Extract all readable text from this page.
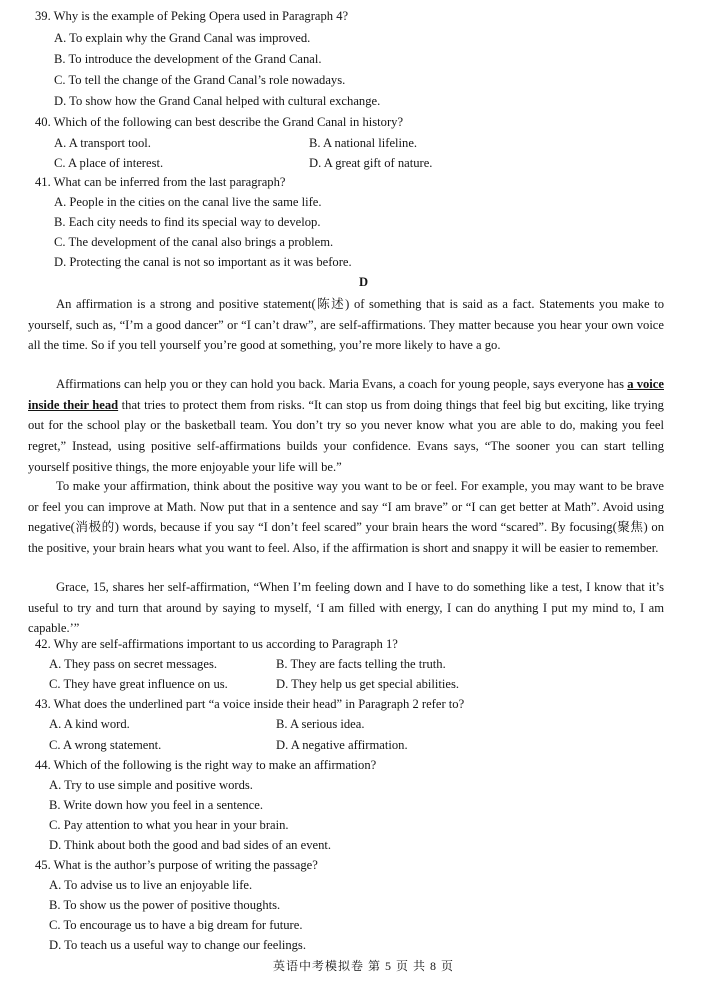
39. Why is the example of Peking Opera used in Paragraph 4?
A. To explain why the Grand Canal was improved.
B. To introduce the development of the Grand Canal.
C. To tell the change of the Grand Canal’s role nowadays.
D. To show how the Grand Canal helped with cultural exchange.
40. Which of the following can best describe the Grand Canal in history?
A. A transport tool.	B. A national lifeline.
C. A place of interest.	D. A great gift of nature.
41. What can be inferred from the last paragraph?
A. People in the cities on the canal live the same life.
B. Each city needs to find its special way to develop.
C. The development of the canal also brings a problem.
D. Protecting the canal is not so important as it was before.
D
An affirmation is a strong and positive statement(陈述) of something that is said as a fact. Statements you make to yourself, such as, “I’m a good dancer” or “I can’t draw”, are self-affirmations. They matter because you hear your own voice all the time. So if you tell yourself you’re good at something, you’re more likely to have a go.
Affirmations can help you or they can hold you back. Maria Evans, a coach for young people, says everyone has a voice inside their head that tries to protect them from risks. “It can stop us from doing things that feel big but exciting, like trying out for the school play or the basketball team. You don’t try so you never know what you are able to do, making you feel regret,” Instead, using positive self-affirmations builds your confidence. Evans says, “The sooner you can start telling yourself positive things, the more enjoyable your life will be.”
To make your affirmation, think about the positive way you want to be or feel. For example, you may want to be brave or feel you can improve at Math. Now put that in a sentence and say “I am brave” or “I can get better at Math”. Avoid using negative(消极的) words, because if you say “I don’t feel scared” your brain hears the word “scared”. By focusing(聚焦) on the positive, your brain hears what you want to feel. Also, if the affirmation is short and snappy it will be easier to remember.
Grace, 15, shares her self-affirmation, “When I’m feeling down and I have to do something like a test, I know that it’s useful to try and turn that around by saying to myself, ‘I am filled with energy, I can do anything I put my mind to, I am capable.’”
42. Why are self-affirmations important to us according to Paragraph 1?
A. They pass on secret messages.	B. They are facts telling the truth.
C. They have great influence on us.	D. They help us get special abilities.
43. What does the underlined part “a voice inside their head” in Paragraph 2 refer to?
A. A kind word.	B. A serious idea.
C. A wrong statement.	D. A negative affirmation.
44. Which of the following is the right way to make an affirmation?
A. Try to use simple and positive words.
B. Write down how you feel in a sentence.
C. Pay attention to what you hear in your brain.
D. Think about both the good and bad sides of an event.
45. What is the author’s purpose of writing the passage?
A. To advise us to live an enjoyable life.
B. To show us the power of positive thoughts.
C. To encourage us to have a big dream for future.
D. To teach us a useful way to change our feelings.
英语中考模拟卷 第 5 页 共 8 页
